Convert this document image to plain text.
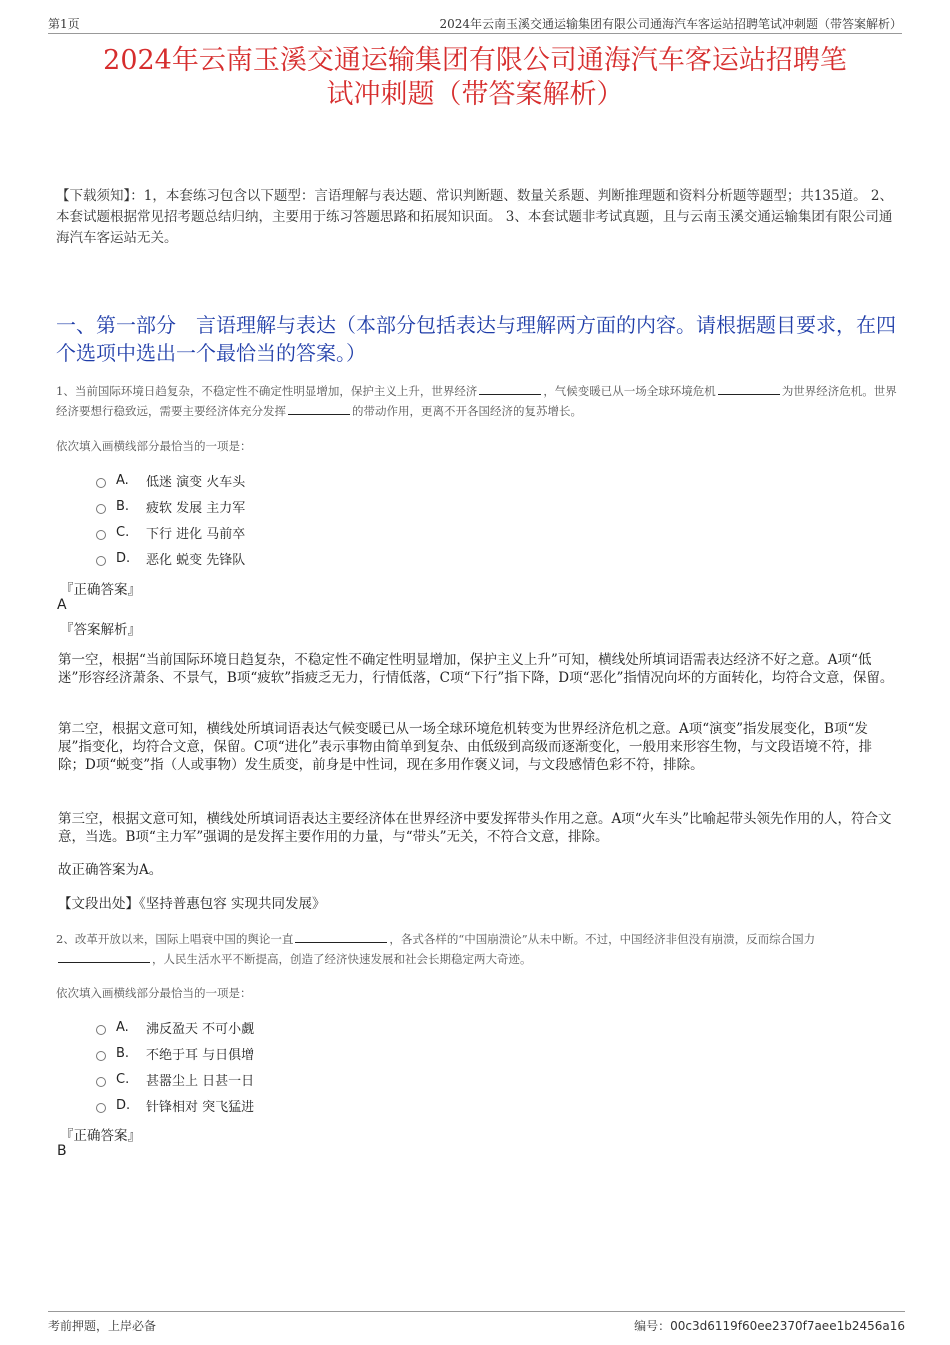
第1页	2024年云南玉溪交通运输集团有限公司通海汽车客运站招聘笔试冲刺题（带答案解析）
2024年云南玉溪交通运输集团有限公司通海汽车客运站招聘笔
试冲刺题（带答案解析）
【下载须知】：1，本套练习包含以下题型：言语理解与表达题、常识判断题、数量关系题、判断推理题和资料分析题等题型；共135道。 2、本套试题根据常见招考题总结归纳，主要用于练习答题思路和拓展知识面。 3、本套试题非考试真题，且与云南玉溪交通运输集团有限公司通海汽车客运站无关。
一、第一部分　言语理解与表达（本部分包括表达与理解两方面的内容。请根据题目要求，在四个选项中选出一个最恰当的答案。）
1、当前国际环境日趋复杂，不稳定性不确定性明显增加，保护主义上升，世界经济	，气候变暖已从一场全球环境危机	为世界经济危机。世界经济要想行稳致远，需要主要经济体充分发挥	的带动作用，更离不开各国经济的复苏增长。
依次填入画横线部分最恰当的一项是：
A.	低迷 演变 火车头
B.	疲软 发展 主力军
C.	下行 进化 马前卒
D.	恶化 蜕变 先锋队
『正确答案』
A
『答案解析』

第一空，根据“当前国际环境日趋复杂，不稳定性不确定性明显增加，保护主义上升”可知，横线处所填词语需表达经济不好之意。A项“低迷”形容经济萧条、不景气，B项“疲软”指疲乏无力，行情低落，C项“下行”指下降，D项“恶化”指情况向坏的方面转化，均符合文意，保留。

第二空，根据文意可知，横线处所填词语表达气候变暖已从一场全球环境危机转变为世界经济危机之意。A项“演变”指发展变化，B项“发展”指变化，均符合文意，保留。C项“进化”表示事物由简单到复杂、由低级到高级而逐渐变化，一般用来形容生物，与文段语境不符，排除；D项“蜕变”指（人或事物）发生质变，前身是中性词，现在多用作褒义词，与文段感情色彩不符，排除。

第三空，根据文意可知，横线处所填词语表达主要经济体在世界经济中要发挥带头作用之意。A项“火车头”比喻起带头领先作用的人，符合文意，当选。B项“主力军”强调的是发挥主要作用的力量，与“带头”无关，不符合文意，排除。

故正确答案为A。

【文段出处】《坚持普惠包容 实现共同发展》

2、改革开放以来，国际上唱衰中国的舆论一直	，各式各样的“中国崩溃论”从未中断。不过，中国经济非但没有崩溃，反而综合国力，人民生活水平不断提高，创造了经济快速发展和社会长期稳定两大奇迹。
依次填入画横线部分最恰当的一项是：
A.	沸反盈天 不可小觑
B.	不绝于耳 与日俱增
C.	甚嚣尘上 日甚一日
D.	针锋相对 突飞猛进
『正确答案』
B
考前押题，上岸必备	编号：00c3d6119f60ee2370f7aee1b2456a16
